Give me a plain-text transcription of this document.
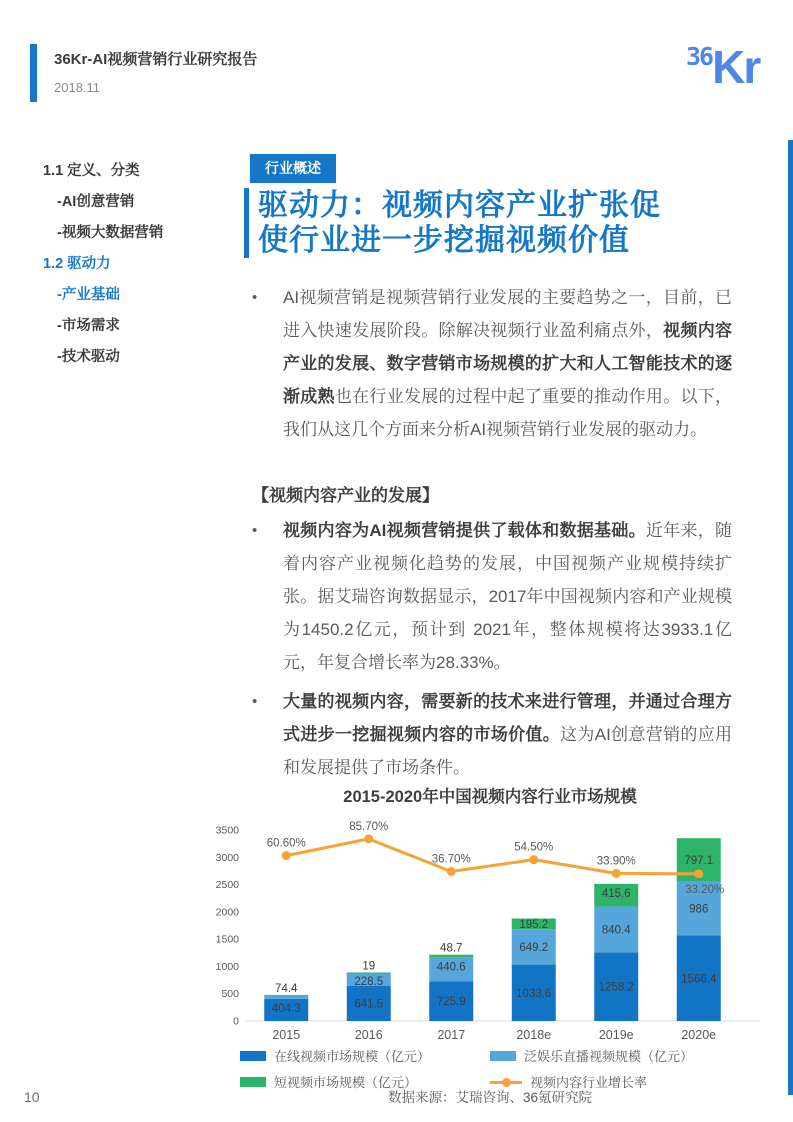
36Kr-AI视频营销行业研究报告
2018.11
36Kr
1.1 定义、分类
-AI创意营销
-视频大数据营销
1.2 驱动力
-产业基础
-市场需求
-技术驱动
行业概述
驱动力：视频内容产业扩张促使行业进一步挖掘视频价值
•	AI视频营销是视频营销行业发展的主要趋势之一，目前，已进入快速发展阶段。除解决视频行业盈利痛点外，视频内容产业的发展、数字营销市场规模的扩大和人工智能技术的逐渐成熟也在行业发展的过程中起了重要的推动作用。以下，我们从这几个方面来分析AI视频营销行业发展的驱动力。
【视频内容产业的发展】
•	视频内容为AI视频营销提供了载体和数据基础。近年来，随着内容产业视频化趋势的发展，中国视频产业规模持续扩张。据艾瑞咨询数据显示，2017年中国视频内容和产业规模为1450.2亿元，预计到 2021年，整体规模将达3933.1亿元，年复合增长率为28.33%。
•	大量的视频内容，需要新的技术来进行管理，并通过合理方式进步一挖掘视频内容的市场价值。这为AI创意营销的应用和发展提供了市场条件。
2015-2020年中国视频内容行业市场规模
0
500
1000
1500
2000
2500
3000
3500
404.3
74.4
2015
641.5
228.5
19
2016
725.9
440.6
48.7
2017
1033.6
649.2
195.2
2018e
1258.2
840.4
415.6
2019e
1566.4
986
797.1
2020e
60.60%
85.70%
36.70%
54.50%
33.90%
33.20%
在线视频市场规模（亿元）	泛娱乐直播视频规模（亿元）
短视频市场规模（亿元）	视频内容行业增长率
数据来源：艾瑞咨询、36氪研究院
10
